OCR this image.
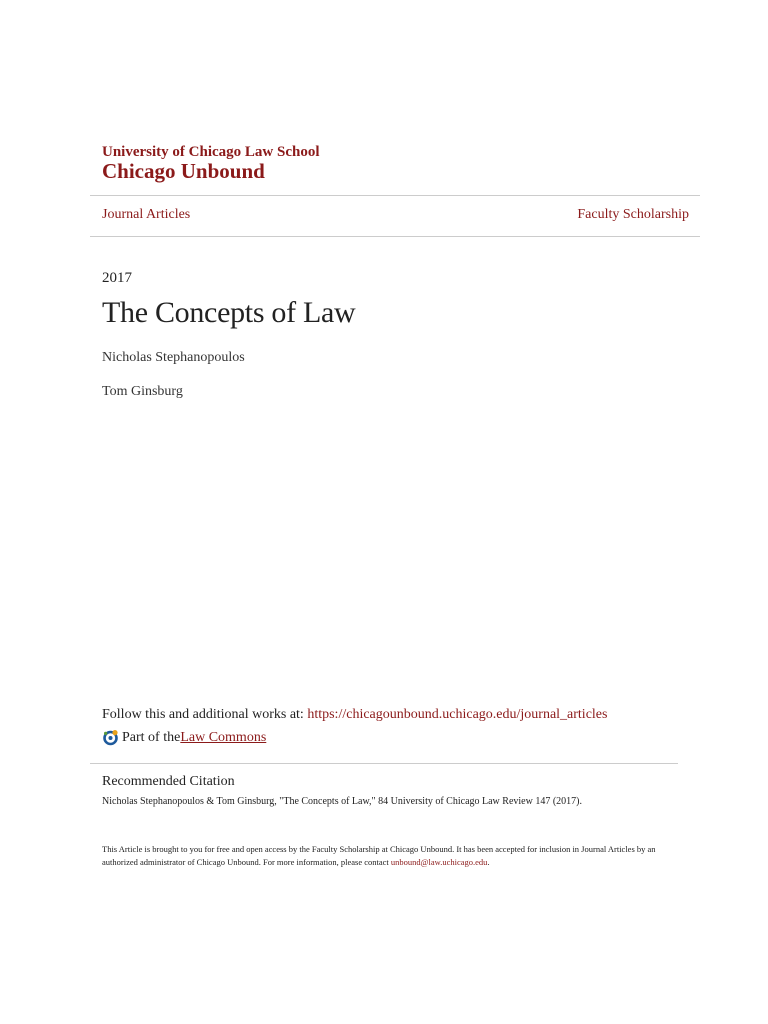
University of Chicago Law School
Chicago Unbound
Journal Articles	Faculty Scholarship
2017
The Concepts of Law
Nicholas Stephanopoulos
Tom Ginsburg
Follow this and additional works at: https://chicagounbound.uchicago.edu/journal_articles
Part of the Law Commons
Recommended Citation
Nicholas Stephanopoulos & Tom Ginsburg, "The Concepts of Law," 84 University of Chicago Law Review 147 (2017).
This Article is brought to you for free and open access by the Faculty Scholarship at Chicago Unbound. It has been accepted for inclusion in Journal Articles by an authorized administrator of Chicago Unbound. For more information, please contact unbound@law.uchicago.edu.
